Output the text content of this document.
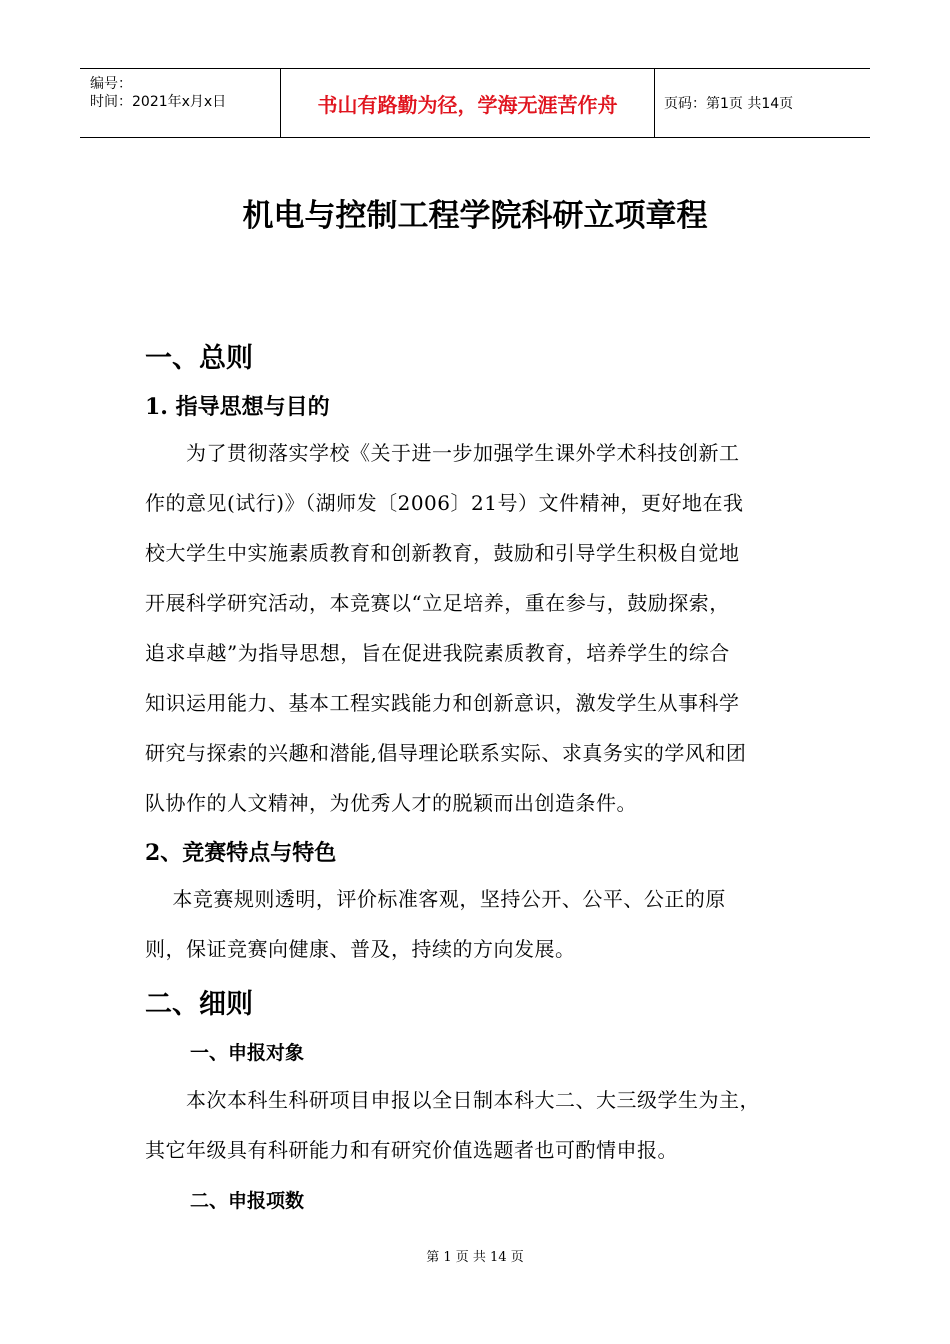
编号：
时间：2021年x月x日	书山有路勤为径，学海无涯苦作舟	页码：第1页 共14页
机电与控制工程学院科研立项章程
一、总则
1. 指导思想与目的
　　为了贯彻落实学校《关于进一步加强学生课外学术科技创新工
作的意见(试行)》（湖师发〔2006〕21号）文件精神，更好地在我
校大学生中实施素质教育和创新教育，鼓励和引导学生积极自觉地
开展科学研究活动，本竞赛以“立足培养，重在参与，鼓励探索，
追求卓越”为指导思想，旨在促进我院素质教育，培养学生的综合
知识运用能力、基本工程实践能力和创新意识，激发学生从事科学
研究与探索的兴趣和潜能,倡导理论联系实际、求真务实的学风和团
队协作的人文精神，为优秀人才的脱颖而出创造条件。
2、竞赛特点与特色
　 本竞赛规则透明，评价标准客观，坚持公开、公平、公正的原
则，保证竞赛向健康、普及，持续的方向发展。
二、细则
一、申报对象
　　本次本科生科研项目申报以全日制本科大二、大三级学生为主，
其它年级具有科研能力和有研究价值选题者也可酌情申报。
二、申报项数
第 1 页 共 14 页
